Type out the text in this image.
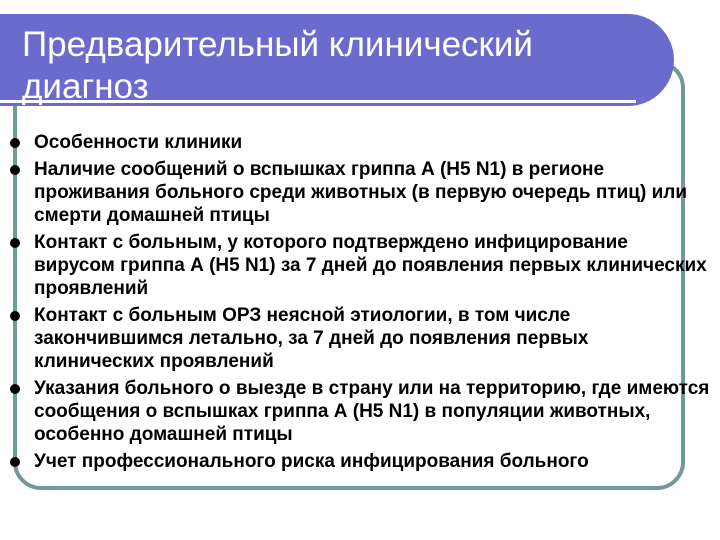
Предварительный клинический
диагноз
Особенности клиники
Наличие сообщений о вспышках гриппа А (Н5 N1) в регионе проживания больного среди животных (в первую очередь птиц) или смерти домашней птицы
Контакт с больным, у которого подтверждено инфицирование вирусом гриппа А (Н5 N1) за 7 дней до появления первых клинических проявлений
Контакт с больным ОРЗ неясной этиологии, в том числе закончившимся летально, за 7 дней до появления первых клинических проявлений
Указания больного о выезде в страну или на территорию, где имеются сообщения о вспышках гриппа А (Н5 N1) в популяции животных, особенно домашней птицы
Учет профессионального риска инфицирования больного
